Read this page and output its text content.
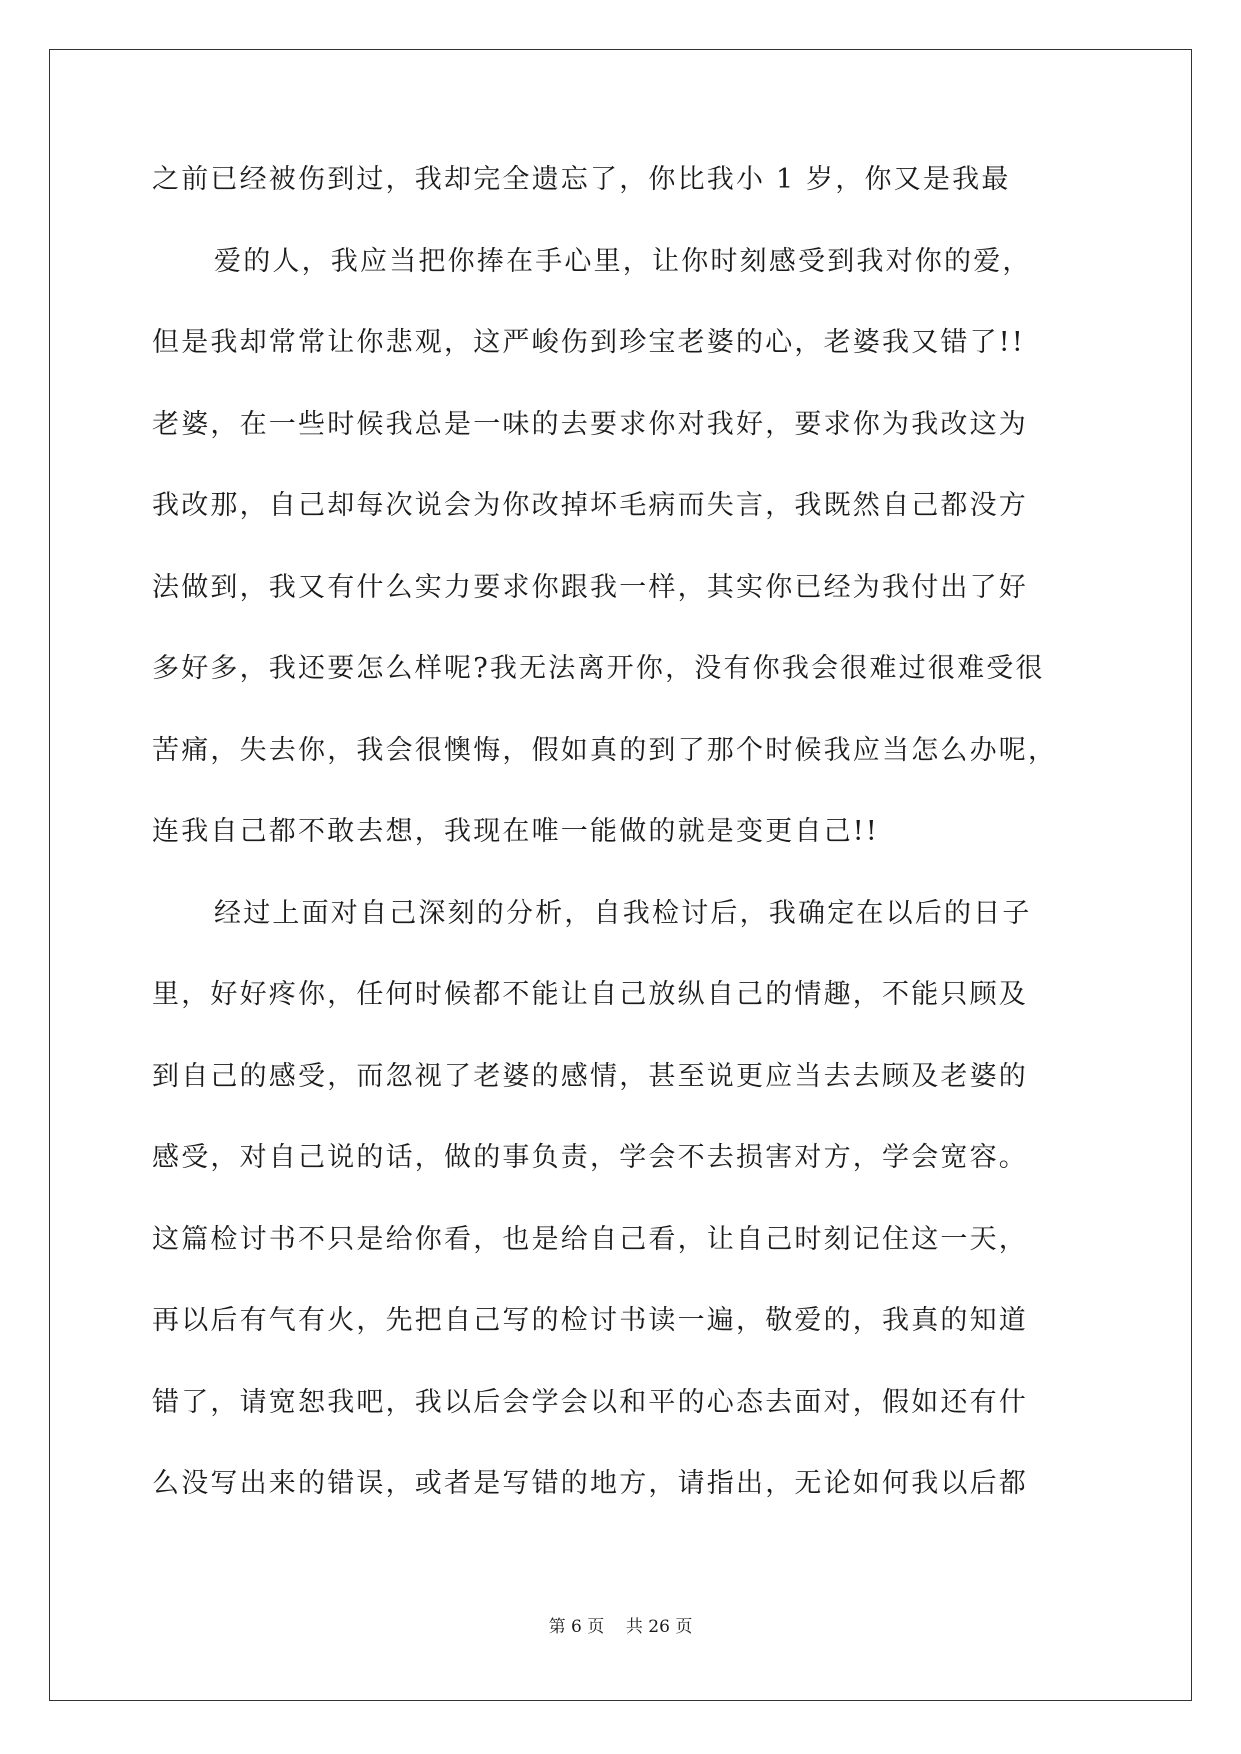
之前已经被伤到过，我却完全遗忘了，你比我小 1 岁，你又是我最
爱的人，我应当把你捧在手心里，让你时刻感受到我对你的爱，
但是我却常常让你悲观，这严峻伤到珍宝老婆的心，老婆我又错了!!
老婆，在一些时候我总是一味的去要求你对我好，要求你为我改这为
我改那，自己却每次说会为你改掉坏毛病而失言，我既然自己都没方
法做到，我又有什么实力要求你跟我一样，其实你已经为我付出了好
多好多，我还要怎么样呢?我无法离开你，没有你我会很难过很难受很
苦痛，失去你，我会很懊悔，假如真的到了那个时候我应当怎么办呢，
连我自己都不敢去想，我现在唯一能做的就是变更自己!!
经过上面对自己深刻的分析，自我检讨后，我确定在以后的日子
里，好好疼你，任何时候都不能让自己放纵自己的情趣，不能只顾及
到自己的感受，而忽视了老婆的感情，甚至说更应当去去顾及老婆的
感受，对自己说的话，做的事负责，学会不去损害对方，学会宽容。
这篇检讨书不只是给你看，也是给自己看，让自己时刻记住这一天，
再以后有气有火，先把自己写的检讨书读一遍，敬爱的，我真的知道
错了，请宽恕我吧，我以后会学会以和平的心态去面对，假如还有什
么没写出来的错误，或者是写错的地方，请指出，无论如何我以后都
第 6 页 共 26 页
